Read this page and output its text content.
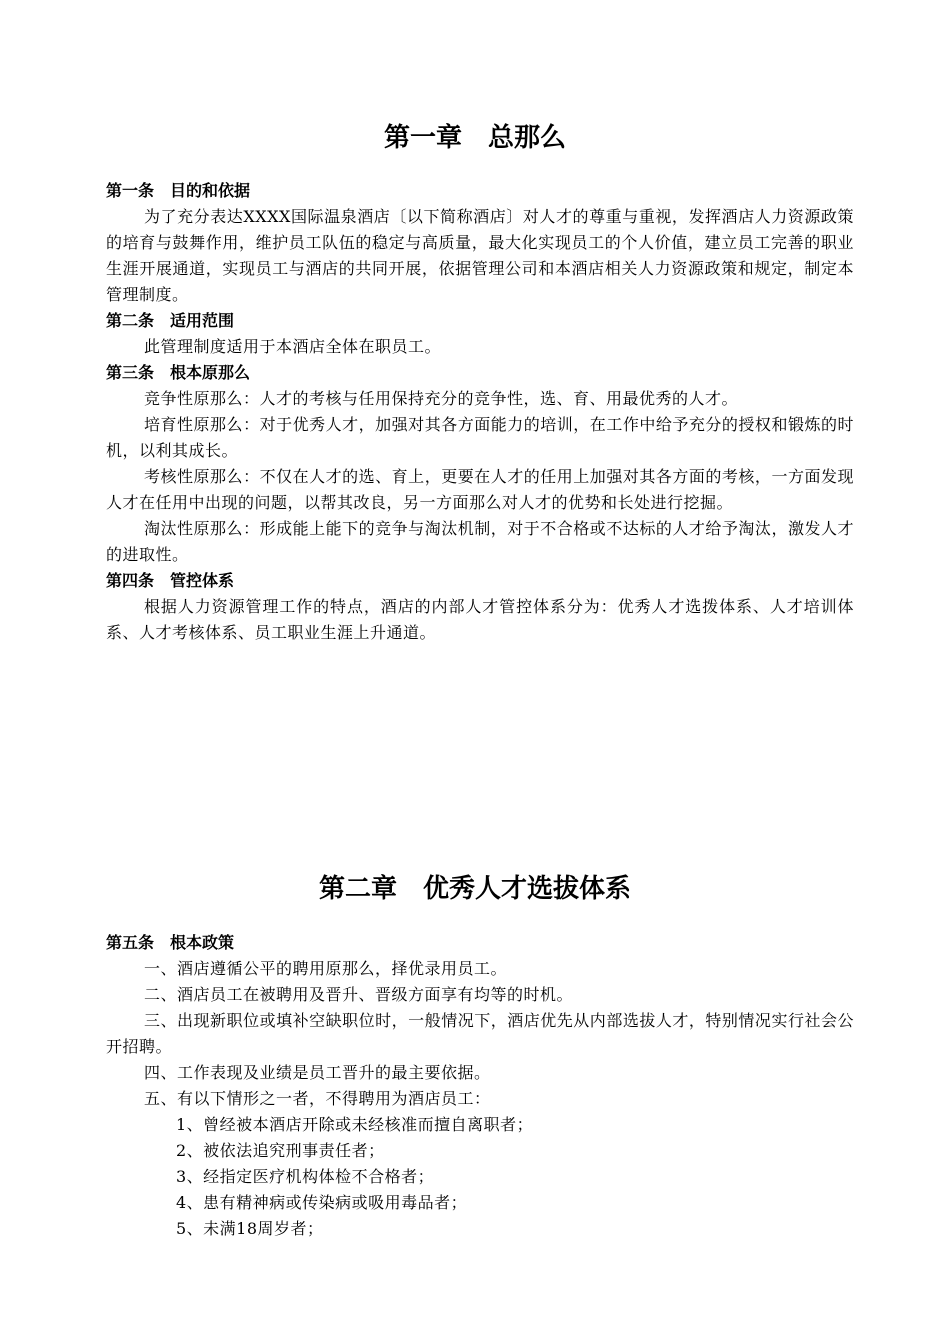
第一章　总那么

第一条　目的和依据

为了充分表达XXXX国际温泉酒店〔以下简称酒店〕对人才的尊重与重视，发挥酒店人力资源政策的培育与鼓舞作用，维护员工队伍的稳定与高质量，最大化实现员工的个人价值，建立员工完善的职业生涯开展通道，实现员工与酒店的共同开展，依据管理公司和本酒店相关人力资源政策和规定，制定本管理制度。

第二条　适用范围

此管理制度适用于本酒店全体在职员工。

第三条　根本原那么

竞争性原那么：人才的考核与任用保持充分的竞争性，选、育、用最优秀的人才。

培育性原那么：对于优秀人才，加强对其各方面能力的培训，在工作中给予充分的授权和锻炼的时机，以利其成长。

考核性原那么：不仅在人才的选、育上，更要在人才的任用上加强对其各方面的考核，一方面发现人才在任用中出现的问题，以帮其改良，另一方面那么对人才的优势和长处进行挖掘。

淘汰性原那么：形成能上能下的竞争与淘汰机制，对于不合格或不达标的人才给予淘汰，激发人才的进取性。

第四条　管控体系

根据人力资源管理工作的特点，酒店的内部人才管控体系分为：优秀人才选拨体系、人才培训体系、人才考核体系、员工职业生涯上升通道。

第二章　优秀人才选拔体系

第五条　根本政策

一、酒店遵循公平的聘用原那么，择优录用员工。

二、酒店员工在被聘用及晋升、晋级方面享有均等的时机。

三、出现新职位或填补空缺职位时，一般情况下，酒店优先从内部选拔人才，特别情况实行社会公开招聘。

四、工作表现及业绩是员工晋升的最主要依据。

五、有以下情形之一者，不得聘用为酒店员工：

1、曾经被本酒店开除或未经核准而擅自离职者；

2、被依法追究刑事责任者；

3、经指定医疗机构体检不合格者；

4、患有精神病或传染病或吸用毒品者；

5、未满18周岁者；
